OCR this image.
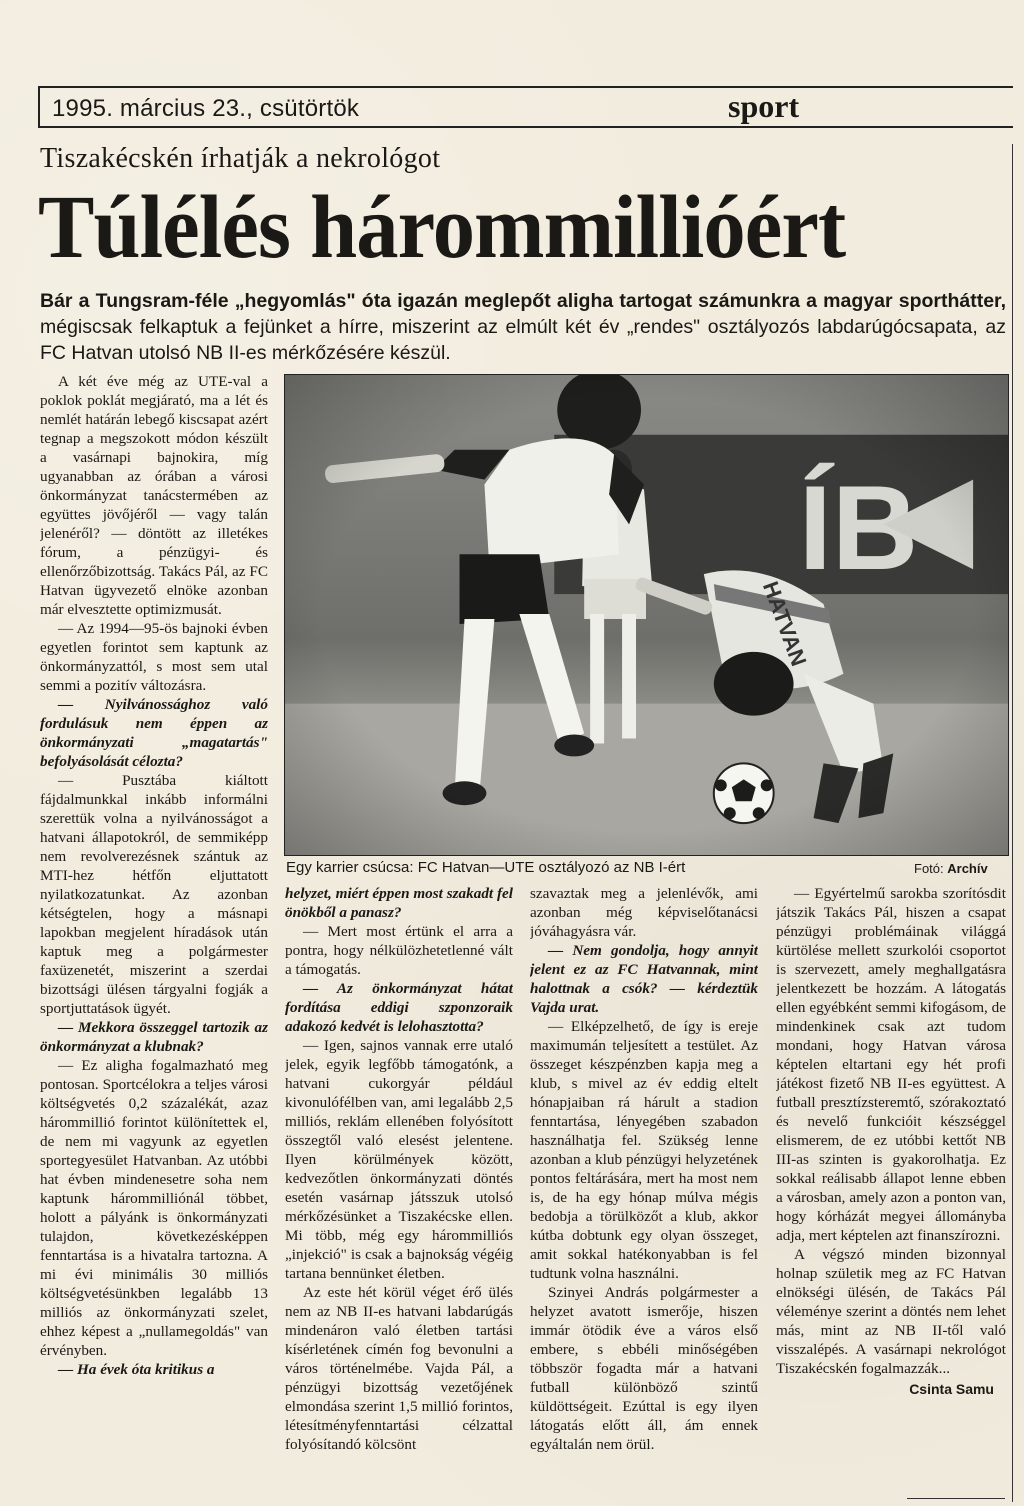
1995. március 23., csütörtök	sport
Tiszakécskén írhatják a nekrológot
Túlélés hárommillióért
Bár a Tungsram-féle „hegyomlás" óta igazán meglepőt aligha tartogat számunkra a magyar sporthátter, mégiscsak felkaptuk a fejünket a hírre, miszerint az elmúlt két év „rendes" osztályozós labdarúgócsapata, az FC Hatvan utolsó NB II-es mérkőzésére készül.
Egy karrier csúcsa: FC Hatvan—UTE osztályozó az NB I-ért	Fotó: Archív

A két éve még az UTE-val a poklok poklát megjárató, ma a lét és nemlét határán lebegő kiscsapat azért tegnap a megszokott módon készült a vasárnapi bajnokira, míg ugyanabban az órában a városi önkormányzat tanácstermében az együttes jövőjéről — vagy talán jelenéről? — döntött az illetékes fórum, a pénzügyi- és ellenőrzőbizottság. Takács Pál, az FC Hatvan ügyvezető elnöke azonban már elvesztette optimizmusát.

— Az 1994—95-ös bajnoki évben egyetlen forintot sem kaptunk az önkormányzattól, s most sem utal semmi a pozitív változásra.

— Nyilvánossághoz való fordulásuk nem éppen az önkormányzati „magatartás" befolyásolását célozta?

— Pusztába kiáltott fájdalmunkkal inkább informálni szerettük volna a nyilvánosságot a hatvani állapotokról, de semmiképp nem revolverezésnek szántuk az MTI-hez hétfőn eljuttatott nyilatkozatunkat. Az azonban kétségtelen, hogy a másnapi lapokban megjelent híradások után kaptuk meg a polgármester faxüzenetét, miszerint a szerdai bizottsági ülésen tárgyalni fogják a sportjuttatások ügyét.

— Mekkora összeggel tartozik az önkormányzat a klubnak?

— Ez aligha fogalmazható meg pontosan. Sportcélokra a teljes városi költségvetés 0,2 százalékát, azaz hárommillió forintot különítettek el, de nem mi vagyunk az egyetlen sportegyesület Hatvanban. Az utóbbi hat évben mindenesetre soha nem kaptunk hárommilliónál többet, holott a pályánk is önkormányzati tulajdon, következésképpen fenntartása is a hivatalra tartozna. A mi évi minimális 30 milliós költségvetésünkben legalább 13 milliós az önkormányzati szelet, ehhez képest a „nullamegoldás" van érvényben.

— Ha évek óta kritikus a

helyzet, miért éppen most szakadt fel önökből a panasz?

— Mert most értünk el arra a pontra, hogy nélkülözhetetlenné vált a támogatás.

— Az önkormányzat hátat fordítása eddigi szponzoraik adakozó kedvét is lelohasztotta?

— Igen, sajnos vannak erre utaló jelek, egyik legfőbb támogatónk, a hatvani cukorgyár például kivonulófélben van, ami legalább 2,5 milliós, reklám ellenében folyósított összegtől való elesést jelentene. Ilyen körülmények között, kedvezőtlen önkormányzati döntés esetén vasárnap játsszuk utolsó mérkőzésünket a Tiszakécske ellen. Mi több, még egy hárommilliós „injekció" is csak a bajnokság végéig tartana bennünket életben.

Az este hét körül véget érő ülés nem az NB II-es hatvani labdarúgás mindenáron való életben tartási kísérletének címén fog bevonulni a város történelmébe. Vajda Pál, a pénzügyi bizottság vezetőjének elmondása szerint 1,5 millió forintos, létesítményfenntartási célzattal folyósítandó kölcsönt

szavaztak meg a jelenlévők, ami azonban még képviselőtanácsi jóváhagyásra vár.

— Nem gondolja, hogy annyit jelent ez az FC Hatvannak, mint halottnak a csók? — kérdeztük Vajda urat.

— Elképzelhető, de így is ereje maximumán teljesített a testület. Az összeget készpénzben kapja meg a klub, s mivel az év eddig eltelt hónapjaiban rá hárult a stadion fenntartása, lényegében szabadon használhatja fel. Szükség lenne azonban a klub pénzügyi helyzetének pontos feltárására, mert ha most nem is, de ha egy hónap múlva mégis bedobja a törülközőt a klub, akkor kútba dobtunk egy olyan összeget, amit sokkal hatékonyabban is fel tudtunk volna használni.

Szinyei András polgármester a helyzet avatott ismerője, hiszen immár ötödik éve a város első embere, s ebbéli minőségében többször fogadta már a hatvani futball különböző szintű küldöttségeit. Ezúttal is egy ilyen látogatás előtt áll, ám ennek egyáltalán nem örül.

— Egyértelmű sarokba szorítósdit játszik Takács Pál, hiszen a csapat pénzügyi problémáinak világgá kürtölése mellett szurkolói csoportot is szervezett, amely meghallgatásra jelentkezett be hozzám. A látogatás ellen egyébként semmi kifogásom, de mindenkinek csak azt tudom mondani, hogy Hatvan városa képtelen eltartani egy hét profi játékost fizető NB II-es együttest. A futball presztízsteremtő, szórakoztató és nevelő funkcióit készséggel elismerem, de ez utóbbi kettőt NB III-as szinten is gyakorolhatja. Ez sokkal reálisabb állapot lenne ebben a városban, amely azon a ponton van, hogy kórházát megyei állományba adja, mert képtelen azt finanszírozni.

A végszó minden bizonnyal holnap születik meg az FC Hatvan elnökségi ülésén, de Takács Pál véleménye szerint a döntés nem lehet más, mint az NB II-től való visszalépés. A vasárnapi nekrológot Tiszakécskén fogalmazzák...

Csinta Samu
